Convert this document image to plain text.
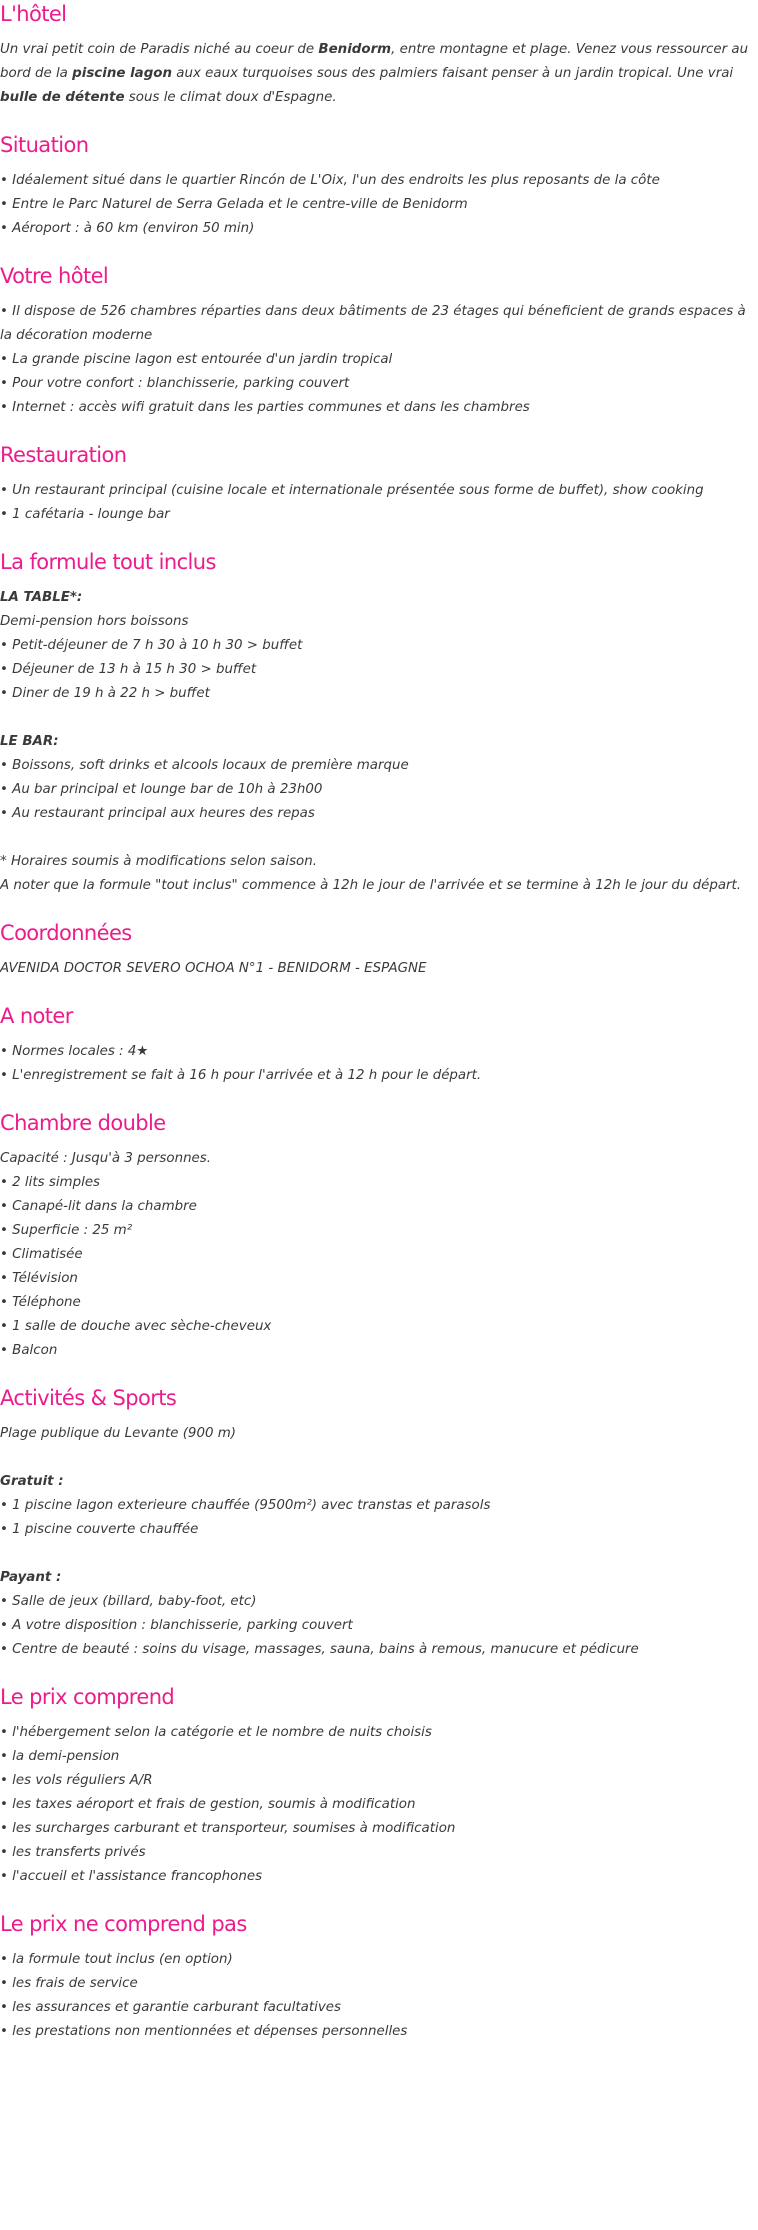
L'hôtel

Un vrai petit coin de Paradis niché au coeur de Benidorm, entre montagne et plage. Venez vous ressourcer au bord de la piscine lagon aux eaux turquoises sous des palmiers faisant penser à un jardin tropical. Une vrai bulle de détente sous le climat doux d'Espagne.

Situation
• Idéalement situé dans le quartier Rincón de L'Oix, l'un des endroits les plus reposants de la côte
• Entre le Parc Naturel de Serra Gelada et le centre-ville de Benidorm
• Aéroport : à 60 km (environ 50 min)
Votre hôtel
• Il dispose de 526 chambres réparties dans deux bâtiments de 23 étages qui béneficient de grands espaces à la décoration moderne
• La grande piscine lagon est entourée d'un jardin tropical
• Pour votre confort : blanchisserie, parking couvert
• Internet : accès wifi gratuit dans les parties communes et dans les chambres
Restauration
• Un restaurant principal (cuisine locale et internationale présentée sous forme de buffet), show cooking
• 1 cafétaria - lounge bar
La formule tout inclus
LA TABLE*:
Demi-pension hors boissons
• Petit-déjeuner de 7 h 30 à 10 h 30 > buffet
• Déjeuner de 13 h à 15 h 30 > buffet
• Diner de 19 h à 22 h > buffet
LE BAR:
• Boissons, soft drinks et alcools locaux de première marque
• Au bar principal et lounge bar de 10h à 23h00
• Au restaurant principal aux heures des repas
* Horaires soumis à modifications selon saison.
A noter que la formule "tout inclus" commence à 12h le jour de l'arrivée et se termine à 12h le jour du départ.
Coordonnées
AVENIDA DOCTOR SEVERO OCHOA N°1 - BENIDORM - ESPAGNE
A noter
• Normes locales : 4★
• L'enregistrement se fait à 16 h pour l'arrivée et à 12 h pour le départ.
Chambre double
Capacité : Jusqu'à 3 personnes.
• 2 lits simples
• Canapé-lit dans la chambre
• Superficie : 25 m²
• Climatisée
• Télévision
• Téléphone
• 1 salle de douche avec sèche-cheveux
• Balcon
Activités & Sports
Plage publique du Levante (900 m)
Gratuit :
• 1 piscine lagon exterieure chauffée (9500m²) avec transtas et parasols
• 1 piscine couverte chauffée
Payant :
• Salle de jeux (billard, baby-foot, etc)
• A votre disposition : blanchisserie, parking couvert
• Centre de beauté : soins du visage, massages, sauna, bains à remous, manucure et pédicure
Le prix comprend
• l'hébergement selon la catégorie et le nombre de nuits choisis
• la demi-pension
• les vols réguliers A/R
• les taxes aéroport et frais de gestion, soumis à modification
• les surcharges carburant et transporteur, soumises à modification
• les transferts privés
• l'accueil et l'assistance francophones
Le prix ne comprend pas
• la formule tout inclus (en option)
• les frais de service
• les assurances et garantie carburant facultatives
• les prestations non mentionnées et dépenses personnelles
